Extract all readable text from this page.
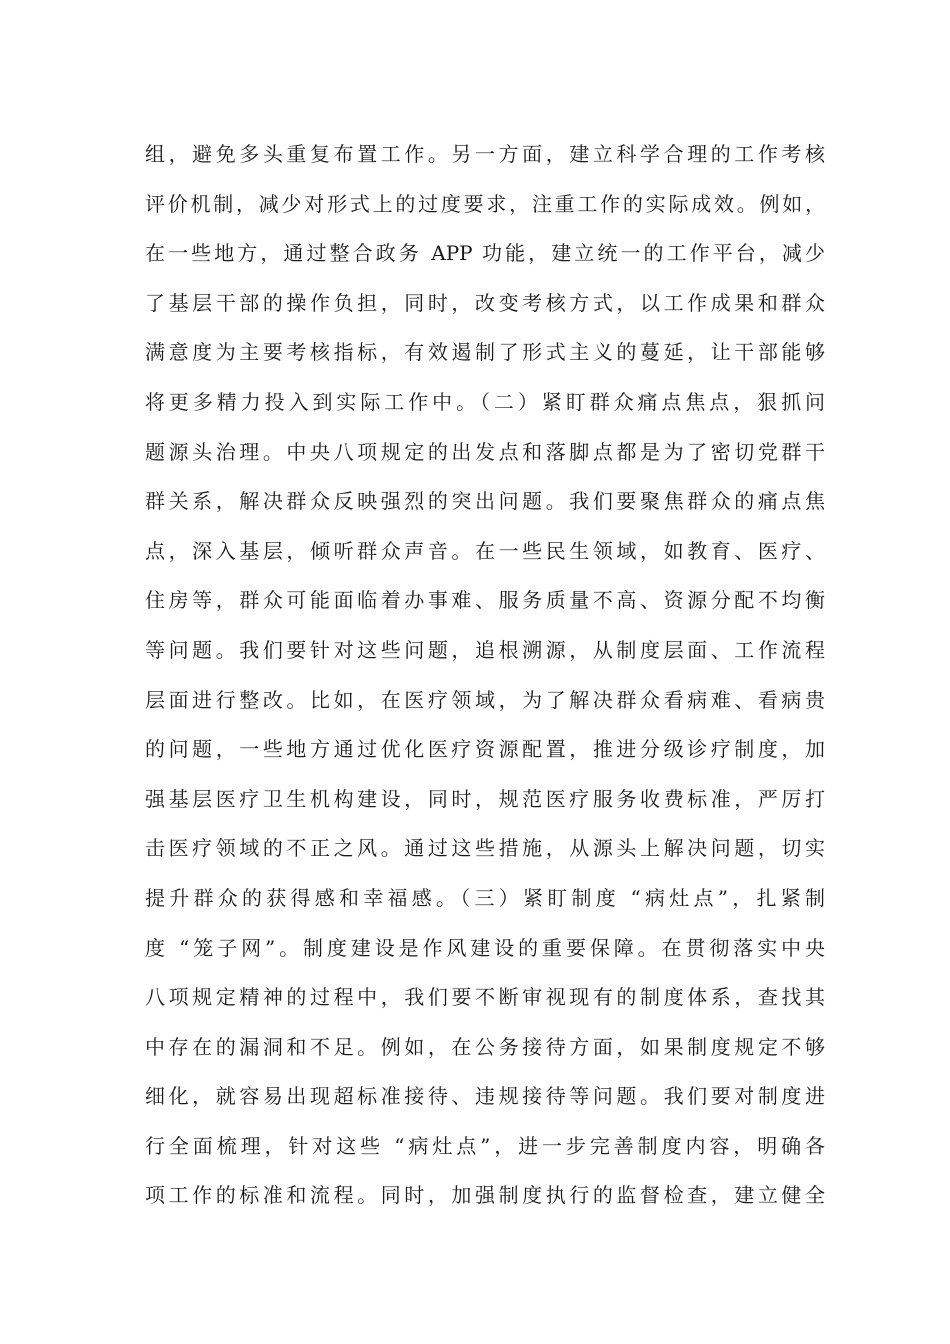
组，避免多头重复布置工作。另一方面，建立科学合理的工作考核
评价机制，减少对形式上的过度要求，注重工作的实际成效。例如，
在一些地方，通过整合政务 APP 功能，建立统一的工作平台，减少
了基层干部的操作负担，同时，改变考核方式，以工作成果和群众
满意度为主要考核指标，有效遏制了形式主义的蔓延，让干部能够
将更多精力投入到实际工作中。（二）紧盯群众痛点焦点，狠抓问
题源头治理。中央八项规定的出发点和落脚点都是为了密切党群干
群关系，解决群众反映强烈的突出问题。我们要聚焦群众的痛点焦
点，深入基层，倾听群众声音。在一些民生领域，如教育、医疗、
住房等，群众可能面临着办事难、服务质量不高、资源分配不均衡
等问题。我们要针对这些问题，追根溯源，从制度层面、工作流程
层面进行整改。比如，在医疗领域，为了解决群众看病难、看病贵
的问题，一些地方通过优化医疗资源配置，推进分级诊疗制度，加
强基层医疗卫生机构建设，同时，规范医疗服务收费标准，严厉打
击医疗领域的不正之风。通过这些措施，从源头上解决问题，切实
提升群众的获得感和幸福感。（三）紧盯制度 “病灶点”，扎紧制
度 “笼子网”。制度建设是作风建设的重要保障。在贯彻落实中央
八项规定精神的过程中，我们要不断审视现有的制度体系，查找其
中存在的漏洞和不足。例如，在公务接待方面，如果制度规定不够
细化，就容易出现超标准接待、违规接待等问题。我们要对制度进
行全面梳理，针对这些 “病灶点”，进一步完善制度内容，明确各
项工作的标准和流程。同时，加强制度执行的监督检查，建立健全
